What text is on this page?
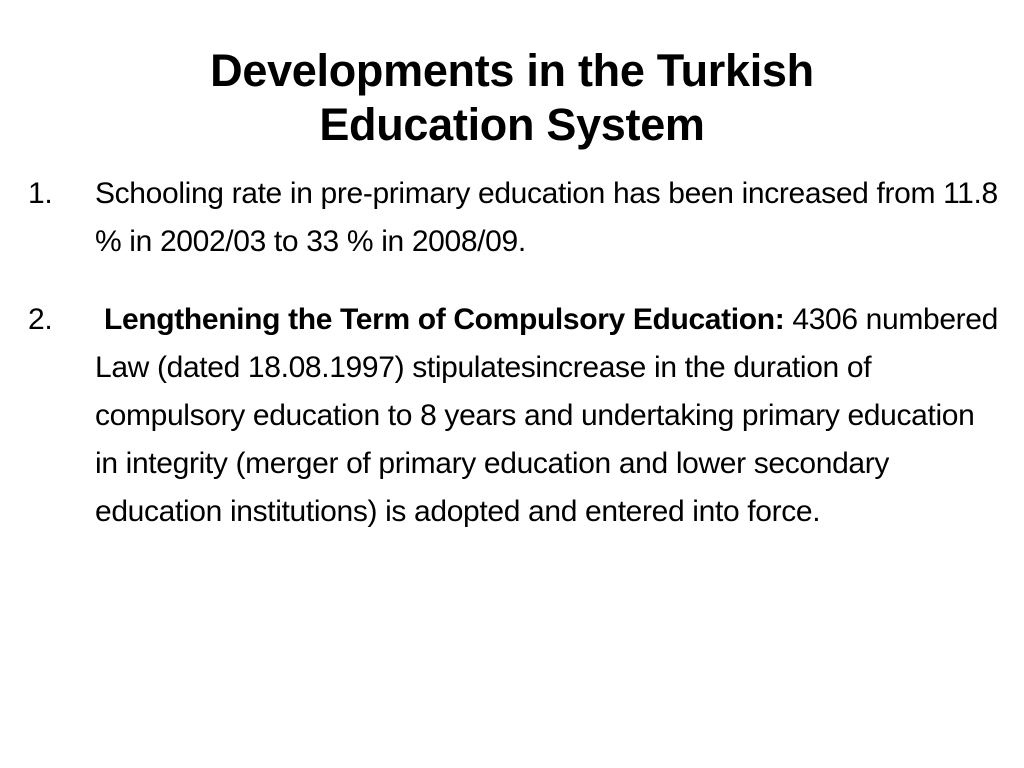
Developments in the Turkish
Education System
1. Schooling rate in pre-primary education has been increased from 11.8 % in 2002/03 to 33 % in 2008/09.
2. Lengthening the Term of Compulsory Education: 4306 numbered Law (dated 18.08.1997) stipulatesincrease in the duration of compulsory education to 8 years and undertaking primary education in integrity (merger of primary education and lower secondary education institutions) is adopted and entered into force.
